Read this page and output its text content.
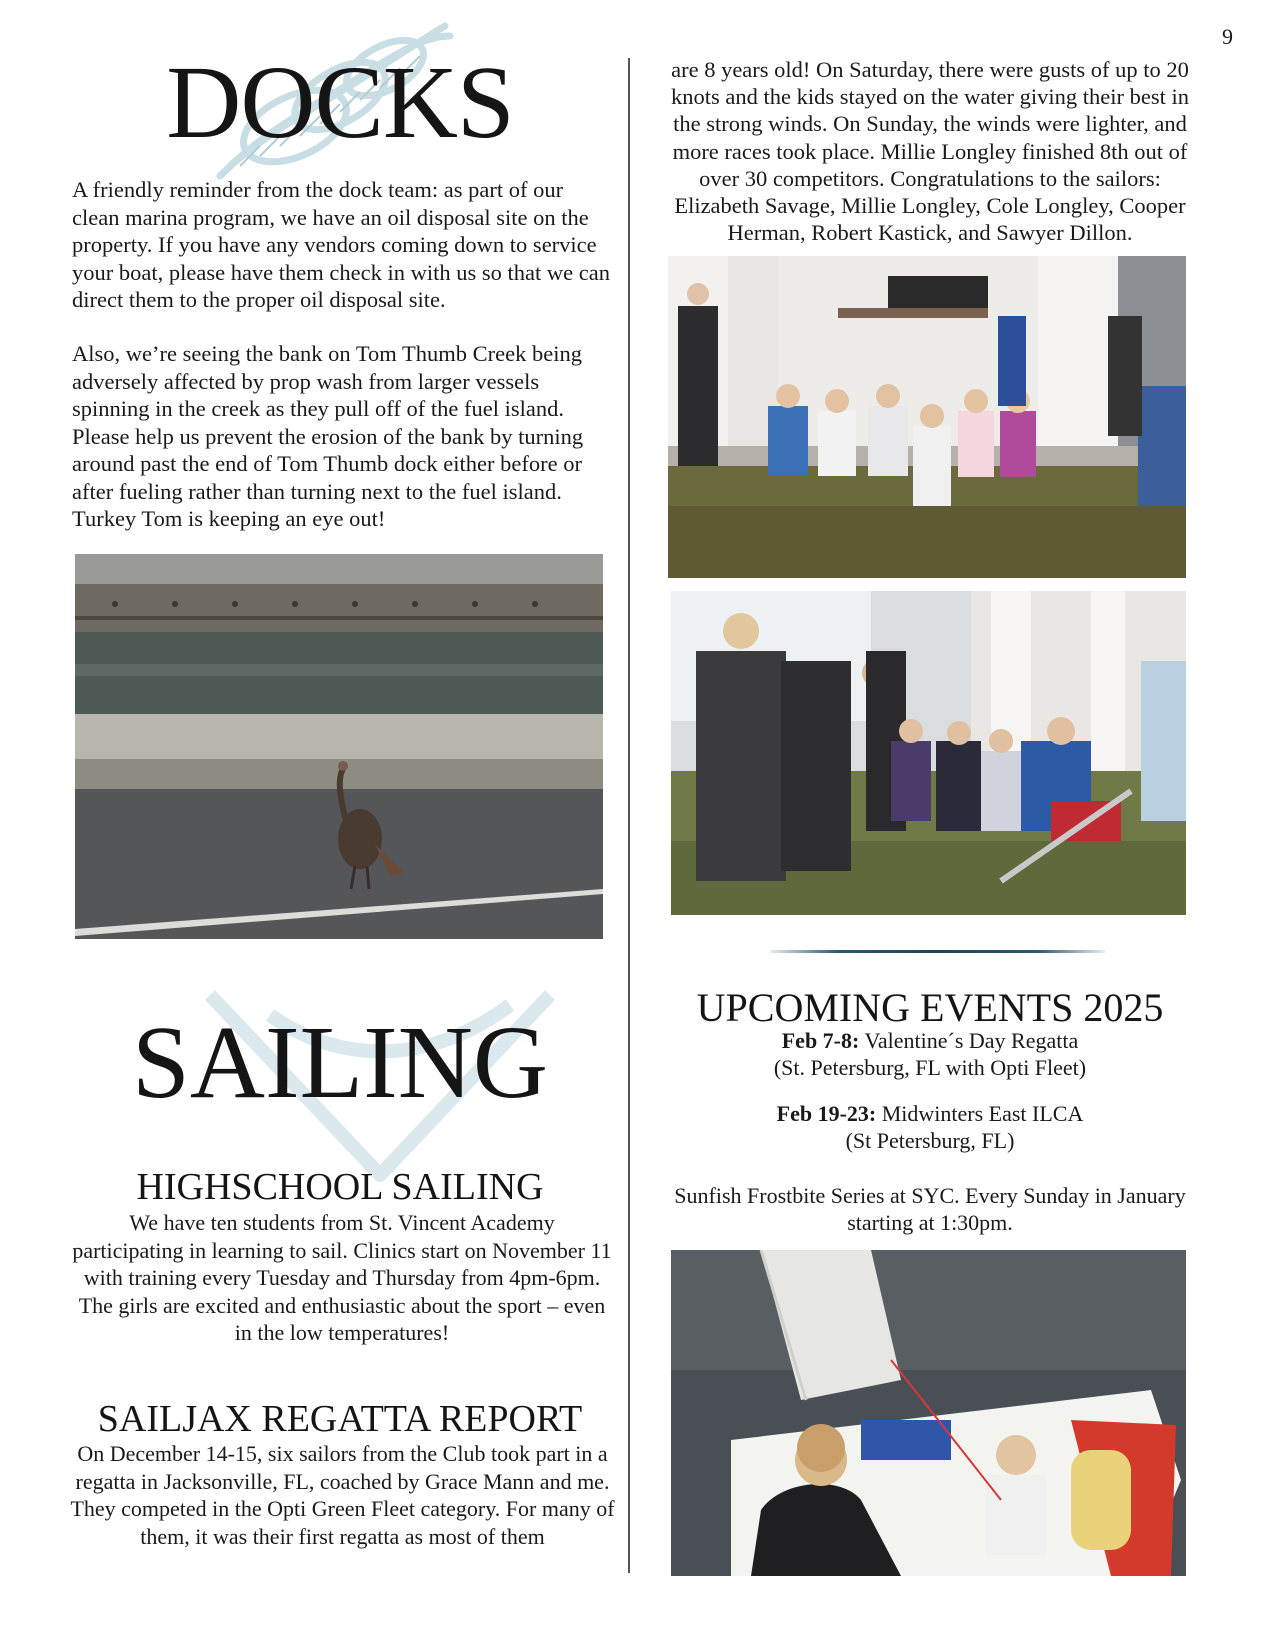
9
DOCKS
A friendly reminder from the dock team: as part of our clean marina program, we have an oil disposal site on the property. If you have any vendors coming down to service your boat, please have them check in with us so that we can direct them to the proper oil disposal site.
Also, we’re seeing the bank on Tom Thumb Creek being adversely affected by prop wash from larger vessels spinning in the creek as they pull off of the fuel island. Please help us prevent the erosion of the bank by turning around past the end of Tom Thumb dock either before or after fueling rather than turning next to the fuel island. Turkey Tom is keeping an eye out!
SAILING
HIGHSCHOOL SAILING
We have ten students from St. Vincent Academy participating in learning to sail. Clinics start on November 11 with training every Tuesday and Thursday from 4pm-6pm. The girls are excited and enthusiastic about the sport – even in the low temperatures!
SAILJAX REGATTA REPORT
On December 14-15, six sailors from the Club took part in a regatta in Jacksonville, FL, coached by Grace Mann and me. They competed in the Opti Green Fleet category. For many of them, it was their first regatta as most of them
are 8 years old! On Saturday, there were gusts of up to 20 knots and the kids stayed on the water giving their best in the strong winds. On Sunday, the winds were lighter, and more races took place. Millie Longley finished 8th out of over 30 competitors. Congratulations to the sailors: Elizabeth Savage, Millie Longley, Cole Longley, Cooper Herman, Robert Kastick, and Sawyer Dillon.
UPCOMING EVENTS 2025
Feb 7-8: Valentine´s Day Regatta
(St. Petersburg, FL with Opti Fleet)
Feb 19-23: Midwinters East ILCA
(St Petersburg, FL)
Sunfish Frostbite Series at SYC. Every Sunday in January starting at 1:30pm.
